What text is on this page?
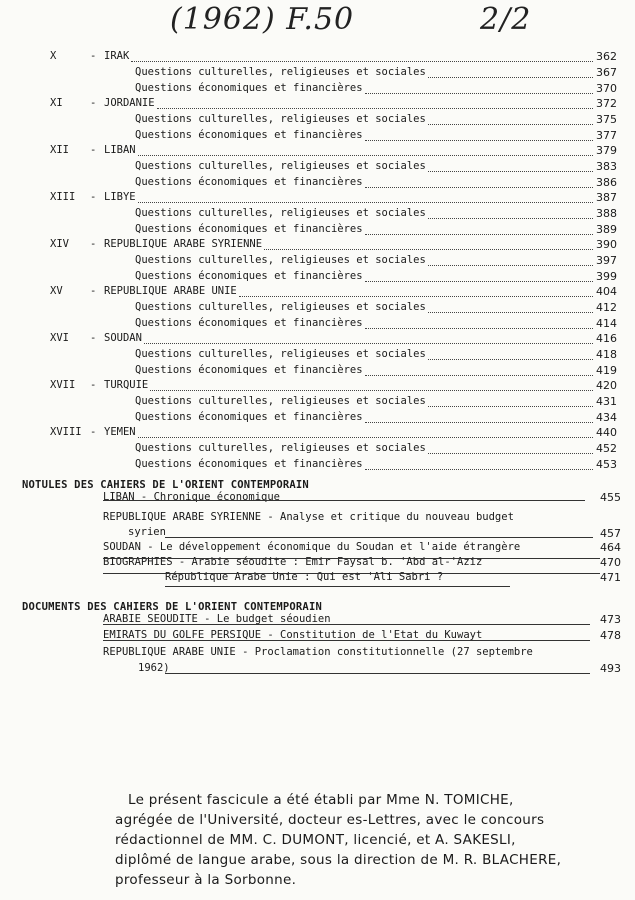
(1962) F.50	2/2
X	- IRAK	362
Questions culturelles, religieuses et sociales	367
Questions économiques et financières	370
XI	- JORDANIE	372
Questions culturelles, religieuses et sociales	375
Questions économiques et financières	377
XII - LIBAN	379
Questions culturelles, religieuses et sociales	383
Questions économiques et financières	386
XIII - LIBYE	387
Questions culturelles, religieuses et sociales	388
Questions économiques et financières	389
XIV - REPUBLIQUE ARABE SYRIENNE	390
Questions culturelles, religieuses et sociales	397
Questions économiques et financières	399
XV	- REPUBLIQUE ARABE UNIE	404
Questions culturelles, religieuses et sociales	412
Questions économiques et financières	414
XVI - SOUDAN	416
Questions culturelles, religieuses et sociales	418
Questions économiques et financières	419
XVII - TURQUIE	420
Questions culturelles, religieuses et sociales	431
Questions économiques et financières	434
XVIII - YEMEN	440
Questions culturelles, religieuses et sociales	452
Questions économiques et financières	453
NOTULES DES CAHIERS DE L'ORIENT CONTEMPORAIN
LIBAN - Chronique économique	455
REPUBLIQUE ARABE SYRIENNE - Analyse et critique du nouveau budget
syrien	457
SOUDAN - Le développement économique du Soudan et l'aide étrangère	464
BIOGRAPHIES - Arabie séoudite : Emir Faysal b. 'Abd al-'Aziz	470
République Arabe Unie : Qui est 'Ali Sabri ?	471
DOCUMENTS DES CAHIERS DE L'ORIENT CONTEMPORAIN
ARABIE SEOUDITE - Le budget séoudien	473
EMIRATS DU GOLFE PERSIQUE - Constitution de l'Etat du Kuwayt	478
REPUBLIQUE ARABE UNIE - Proclamation constitutionnelle (27 septembre
1962)	493
Le présent fascicule a été établi par Mme N. TOMICHE,
agrégée de l'Université, docteur es-Lettres, avec le concours
rédactionnel de MM. C. DUMONT, licencié, et A. SAKESLI,
diplômé de langue arabe, sous la direction de M. R. BLACHERE,
professeur à la Sorbonne.
